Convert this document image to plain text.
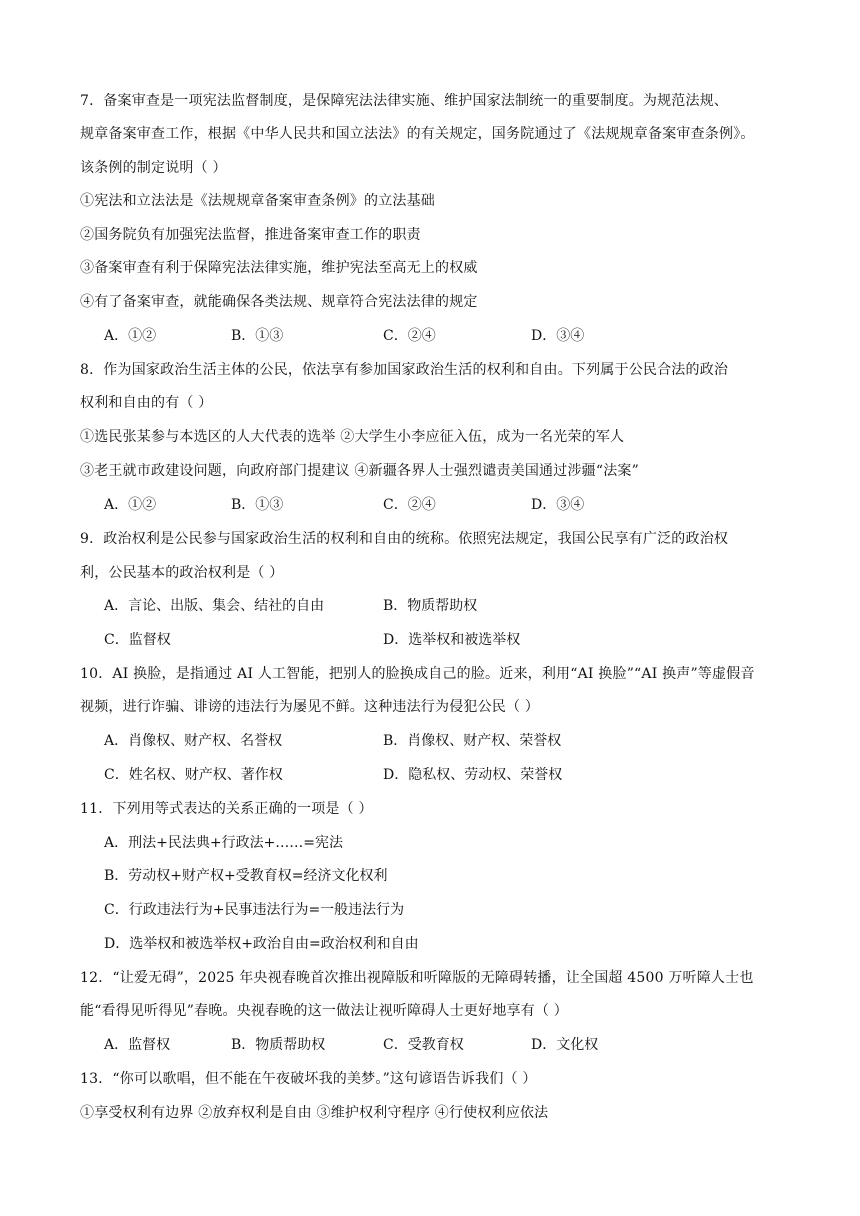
7．备案审查是一项宪法监督制度，是保障宪法法律实施、维护国家法制统一的重要制度。为规范法规、
规章备案审查工作，根据《中华人民共和国立法法》的有关规定，国务院通过了《法规规章备案审查条例》。
该条例的制定说明（ ）
①宪法和立法法是《法规规章备案审查条例》的立法基础
②国务院负有加强宪法监督，推进备案审查工作的职责
③备案审查有利于保障宪法法律实施，维护宪法至高无上的权威
④有了备案审查，就能确保各类法规、规章符合宪法法律的规定
A．①②	B．①③	C．②④	D．③④
8．作为国家政治生活主体的公民，依法享有参加国家政治生活的权利和自由。下列属于公民合法的政治
权利和自由的有（ ）
①选民张某参与本选区的人大代表的选举 ②大学生小李应征入伍，成为一名光荣的军人
③老王就市政建设问题，向政府部门提建议 ④新疆各界人士强烈谴责美国通过涉疆“法案”
A．①②	B．①③	C．②④	D．③④
9．政治权利是公民参与国家政治生活的权利和自由的统称。依照宪法规定，我国公民享有广泛的政治权
利，公民基本的政治权利是（ ）
A．言论、出版、集会、结社的自由	B．物质帮助权
C．监督权	D．选举权和被选举权
10．AI 换脸，是指通过 AI 人工智能，把别人的脸换成自己的脸。近来，利用“AI 换脸”“AI 换声”等虚假音
视频，进行诈骗、诽谤的违法行为屡见不鲜。这种违法行为侵犯公民（ ）
A．肖像权、财产权、名誉权	B．肖像权、财产权、荣誉权
C．姓名权、财产权、著作权	D．隐私权、劳动权、荣誉权
11．下列用等式表达的关系正确的一项是（ ）
A．刑法+民法典+行政法+……=宪法
B．劳动权+财产权+受教育权=经济文化权利
C．行政违法行为+民事违法行为=一般违法行为
D．选举权和被选举权+政治自由=政治权利和自由
12．“让爱无碍”，2025 年央视春晚首次推出视障版和听障版的无障碍转播，让全国超 4500 万听障人士也
能“看得见听得见”春晚。央视春晚的这一做法让视听障碍人士更好地享有（ ）
A．监督权	B．物质帮助权	C．受教育权	D．文化权
13．“你可以歌唱，但不能在午夜破坏我的美梦。”这句谚语告诉我们（ ）
①享受权利有边界 ②放弃权利是自由 ③维护权利守程序 ④行使权利应依法
